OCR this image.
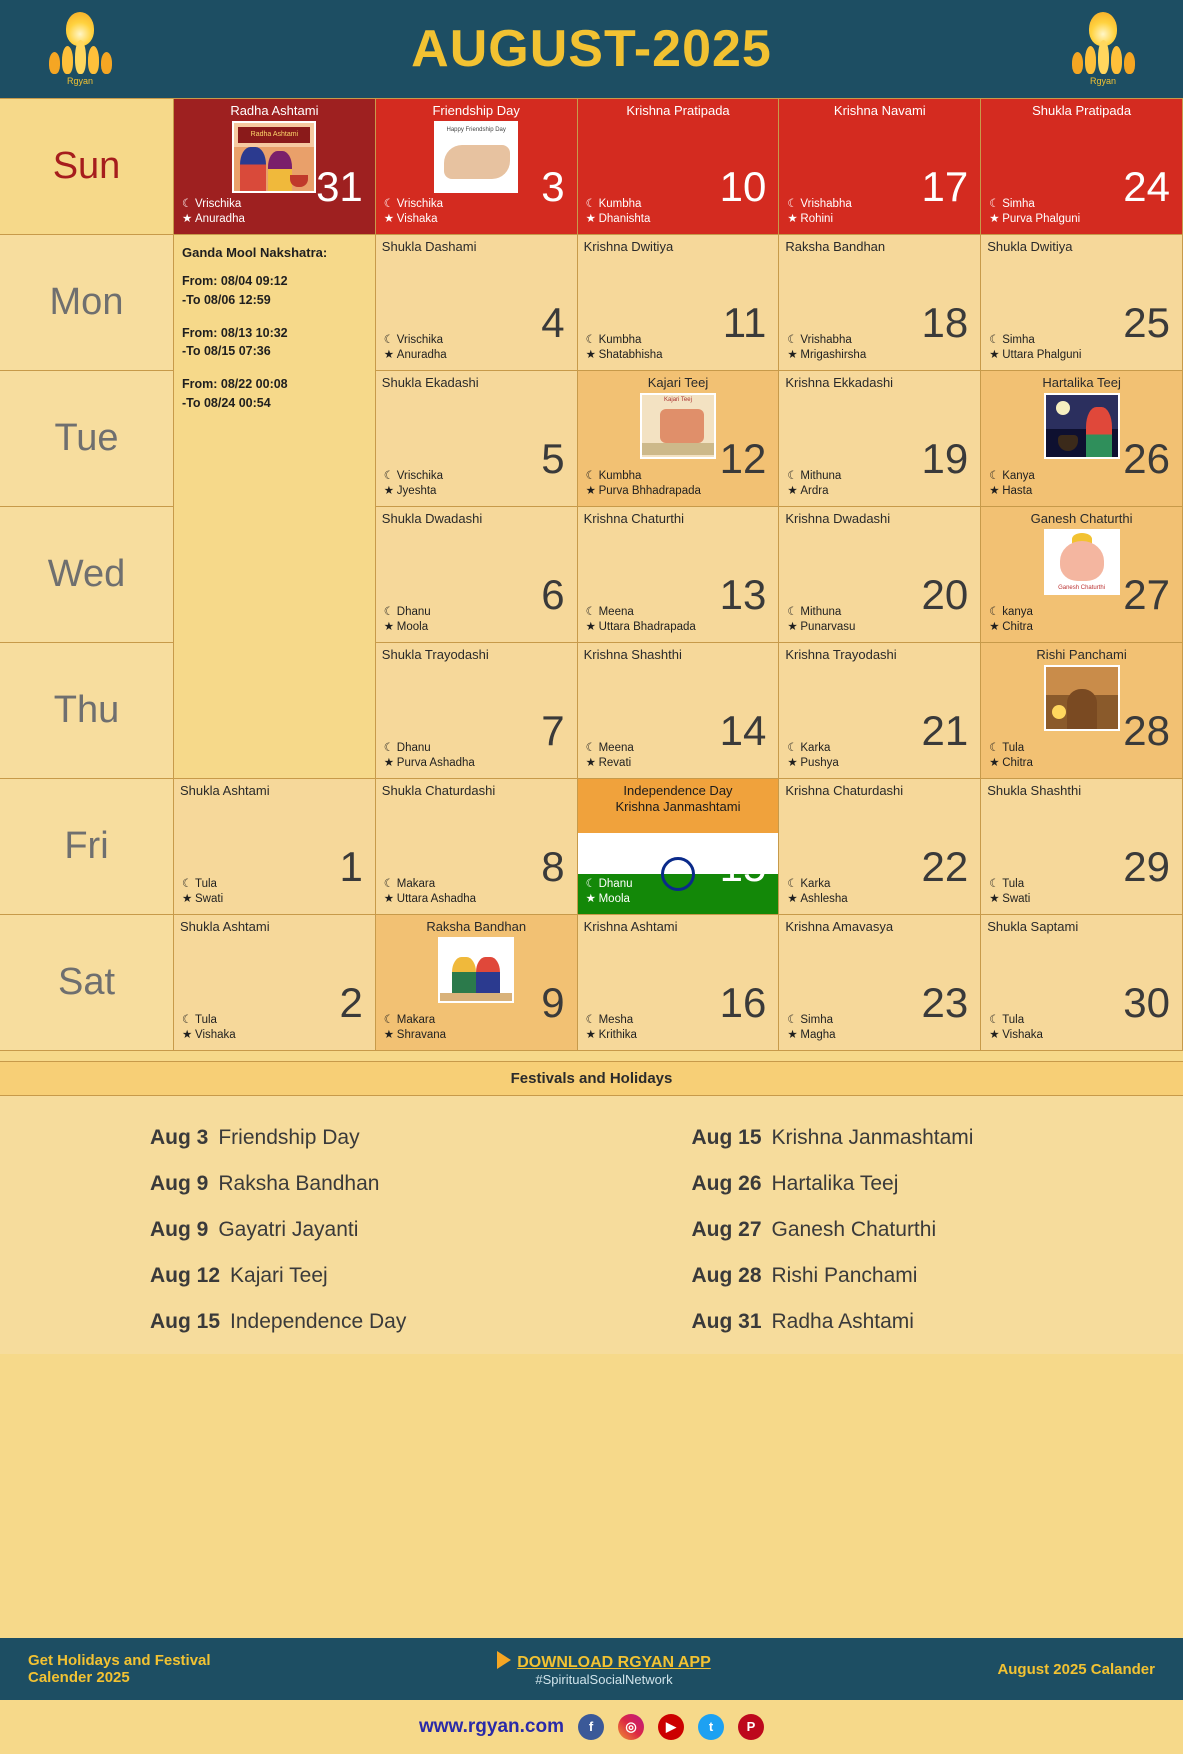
Rgyan
AUGUST-2025
Rgyan
Sun
Radha Ashtami
Radha Ashtami
31
☾ Vrischika
★ Anuradha
Friendship Day
Happy Friendship Day
3
☾ Vrischika
★ Vishaka
Krishna Pratipada
10
☾ Kumbha
★ Dhanishta
Krishna Navami
17
☾ Vrishabha
★ Rohini
Shukla Pratipada
24
☾ Simha
★ Purva Phalguni
Mon
Ganda Mool Nakshatra:

From: 08/04 09:12
-To 08/06 12:59

From: 08/13 10:32
-To 08/15 07:36

From: 08/22 00:08
-To 08/24 00:54

Shukla Dashami
4
☾ Vrischika
★ Anuradha
Krishna Dwitiya
11
☾ Kumbha
★ Shatabhisha
Raksha Bandhan
18
☾ Vrishabha
★ Mrigashirsha
Shukla Dwitiya
25
☾ Simha
★ Uttara Phalguni
Tue
Shukla Ekadashi
5
☾ Vrischika
★ Jyeshta
Kajari Teej
Kajari Teej
12
☾ Kumbha
★ Purva Bhhadrapada
Krishna Ekkadashi
19
☾ Mithuna
★ Ardra
Hartalika Teej
26
☾ Kanya
★ Hasta
Wed
Shukla Dwadashi
6
☾ Dhanu
★ Moola
Krishna Chaturthi
13
☾ Meena
★ Uttara Bhadrapada
Krishna Dwadashi
20
☾ Mithuna
★ Punarvasu
Ganesh Chaturthi
Ganesh Chaturthi 27
☾ kanya
★ Chitra
Thu
Shukla Trayodashi
7
☾ Dhanu
★ Purva Ashadha
Krishna Shashthi
14
☾ Meena
★ Revati
Krishna Trayodashi
21
☾ Karka
★ Pushya
Rishi Panchami
28
☾ Tula
★ Chitra
Fri
Shukla Ashtami
1
☾ Tula
★ Swati
Shukla Chaturdashi
8
☾ Makara
★ Uttara Ashadha
Independence Day
Krishna Janmashtami
15
☾ Dhanu
★ Moola
Krishna Chaturdashi
22
☾ Karka
★ Ashlesha
Shukla Shashthi
29
☾ Tula
★ Swati
Sat
Shukla Ashtami
2
☾ Tula
★ Vishaka
Raksha Bandhan
9
☾ Makara
★ Shravana
Krishna Ashtami
16
☾ Mesha
★ Krithika
Krishna Amavasya
23
☾ Simha
★ Magha
Shukla Saptami
30
☾ Tula
★ Vishaka
Festivals and Holidays
Aug 3 Friendship Day	Aug 15 Krishna Janmashtami
Aug 9 Raksha Bandhan	Aug 26 Hartalika Teej
Aug 9 Gayatri Jayanti	Aug 27 Ganesh Chaturthi
Aug 12 Kajari Teej	Aug 28 Rishi Panchami
Aug 15 Independence Day	Aug 31 Radha Ashtami
Get Holidays and Festival
Calender 2025
DOWNLOAD RGYAN APP
#SpiritualSocialNetwork
August 2025 Calander
www.rgyan.com	f	◎	▶	t	P
